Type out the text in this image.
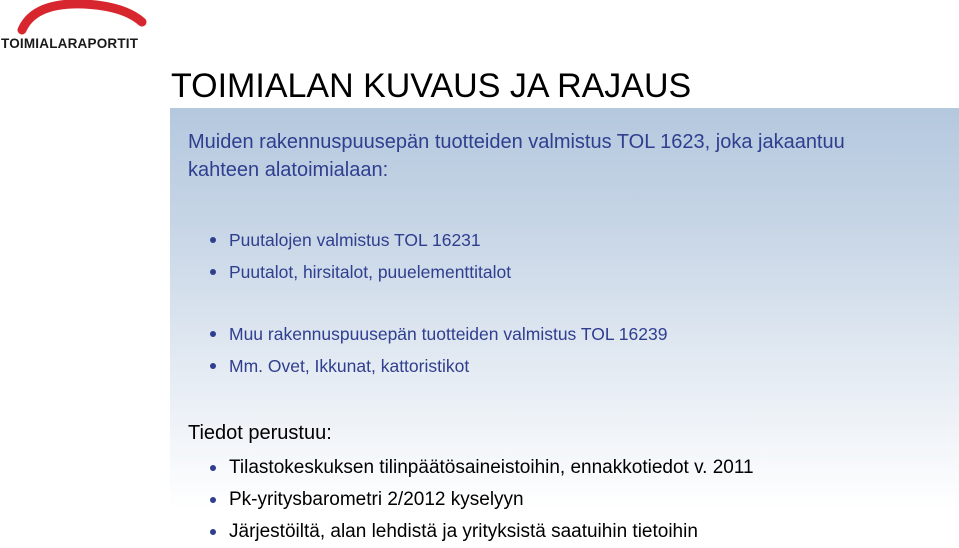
TOIMIALARAPORTIT
TOIMIALAN KUVAUS JA RAJAUS
Muiden rakennuspuusepän tuotteiden valmistus TOL 1623, joka jakaantuu kahteen alatoimialaan:
Puutalojen valmistus TOL 16231
Puutalot, hirsitalot, puuelementtitalot
Muu rakennuspuusepän tuotteiden valmistus TOL 16239
Mm. Ovet, Ikkunat, kattoristikot
Tiedot perustuu:
Tilastokeskuksen tilinpäätösaineistoihin, ennakkotiedot v. 2011
Pk-yritysbarometri 2/2012 kyselyyn
Järjestöiltä, alan lehdistä ja yrityksistä saatuihin tietoihin
